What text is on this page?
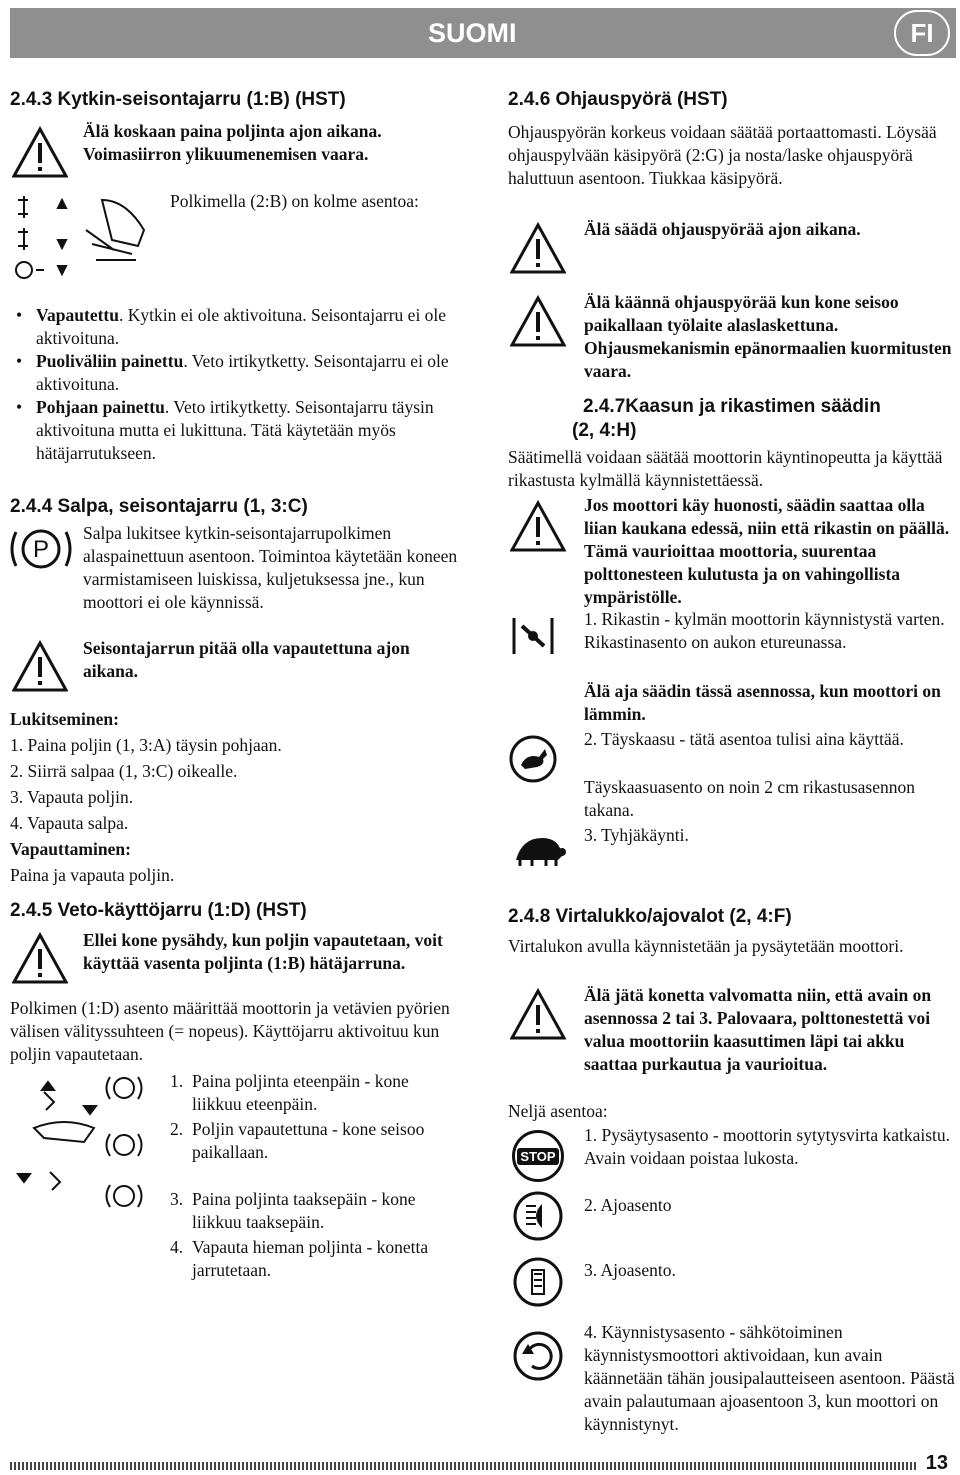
SUOMI	FI
2.4.3 Kytkin-seisontajarru (1:B) (HST)

Älä koskaan paina poljinta ajon aikana. Voimasiirron ylikuumenemisen vaara.

Polkimella (2:B) on kolme asentoa:

• Vapautettu. Kytkin ei ole aktivoituna. Seisontajarru ei ole aktivoituna.
• Puoliväliin painettu. Veto irtikytketty. Seisontajarru ei ole aktivoituna.
• Pohjaan painettu. Veto irtikytketty. Seisontajarru täysin aktivoituna mutta ei lukittuna. Tätä käytetään myös hätäjarrutukseen.
2.4.4 Salpa, seisontajarru (1, 3:C)
P

Salpa lukitsee kytkin-seisontajarrupolkimen alaspainettuun asentoon. Toimintoa käytetään koneen varmistamiseen luiskissa, kuljetuksessa jne., kun moottori ei ole käynnissä.

Seisontajarrun pitää olla vapautettuna ajon aikana.

Lukitseminen:

1. Paina poljin (1, 3:A) täysin pohjaan.

2. Siirrä salpaa (1, 3:C) oikealle.

3. Vapauta poljin.

4. Vapauta salpa.

Vapauttaminen:

Paina ja vapauta poljin.

2.4.5 Veto-käyttöjarru (1:D) (HST)

Ellei kone pysähdy, kun poljin vapautetaan, voit käyttää vasenta poljinta (1:B) hätäjarruna.

Polkimen (1:D) asento määrittää moottorin ja vetävien pyörien välisen välityssuhteen (= nopeus). Käyttöjarru aktivoituu kun poljin vapautetaan.

1. Paina poljinta eteenpäin - kone liikkuu eteenpäin.

2. Poljin vapautettuna - kone seisoo paikallaan.

3. Paina poljinta taaksepäin - kone liikkuu taaksepäin.

4. Vapauta hieman poljinta - konetta jarrutetaan.

2.4.6 Ohjauspyörä (HST)

Ohjauspyörän korkeus voidaan säätää portaattomasti. Löysää ohjauspylvään käsipyörä (2:G) ja nosta/laske ohjauspyörä haluttuun asentoon. Tiukkaa käsipyörä.

Älä säädä ohjauspyörää ajon aikana.

Älä käännä ohjauspyörää kun kone seisoo paikallaan työlaite alaslaskettuna. Ohjausmekanismin epänormaalien kuormitusten vaara.

2.4.7Kaasun ja rikastimen säädin
(2, 4:H)

Säätimellä voidaan säätää moottorin käyntinopeutta ja käyttää rikastusta kylmällä käynnistettäessä.

Jos moottori käy huonosti, säädin saattaa olla liian kaukana edessä, niin että rikastin on päällä. Tämä vaurioittaa moottoria, suurentaa polttonesteen kulutusta ja on vahingollista ympäristölle.

1. Rikastin - kylmän moottorin käynnistystä varten. Rikastinasento on aukon etureunassa.

Älä aja säädin tässä asennossa, kun moottori on lämmin.

2. Täyskaasu - tätä asentoa tulisi aina käyttää.

Täyskaasuasento on noin 2 cm rikastusasennon takana.

3. Tyhjäkäynti.

2.4.8 Virtalukko/ajovalot (2, 4:F)

Virtalukon avulla käynnistetään ja pysäytetään moottori.

Älä jätä konetta valvomatta niin, että avain on asennossa 2 tai 3. Palovaara, polttonestettä voi valua moottoriin kaasuttimen läpi tai akku saattaa purkautua ja vaurioitua.

Neljä asentoa:

STOP

1. Pysäytysasento - moottorin sytytysvirta katkaistu. Avain voidaan poistaa lukosta.

2. Ajoasento

3. Ajoasento.

4. Käynnistysasento - sähkötoiminen käynnistysmoottori aktivoidaan, kun avain käännetään tähän jousipalautteiseen asentoon. Päästä avain palautumaan ajoasentoon 3, kun moottori on käynnistynyt.

13
